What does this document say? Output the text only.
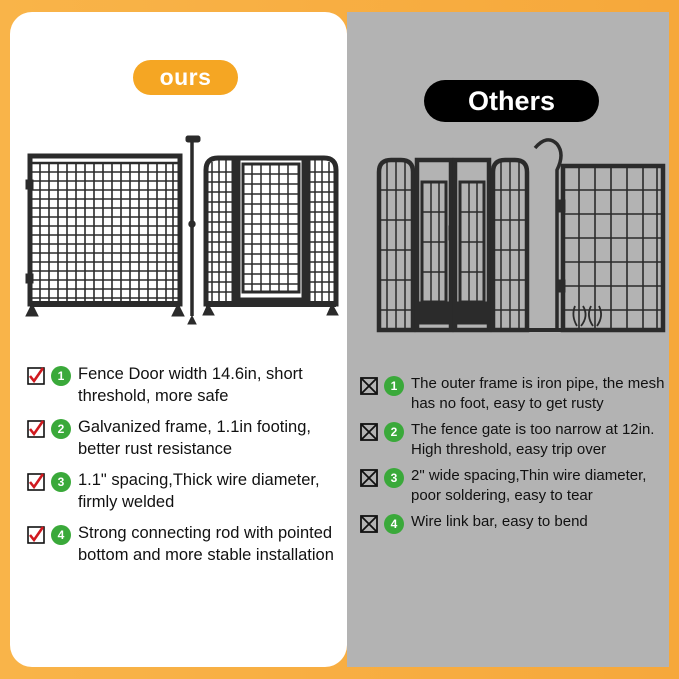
ours
1 Fence Door width 14.6in, short threshold, more safe
2 Galvanized frame, 1.1in footing, better rust resistance
3 1.1" spacing,Thick wire diameter, firmly welded
4 Strong connecting rod with pointed bottom and more stable installation
Others
1 The outer frame is iron pipe, the mesh has no foot, easy to get rusty
2 The fence gate is too narrow at 12in. High threshold, easy trip over
3 2" wide spacing,Thin wire diameter, poor soldering, easy to tear
4 Wire link bar, easy to bend
